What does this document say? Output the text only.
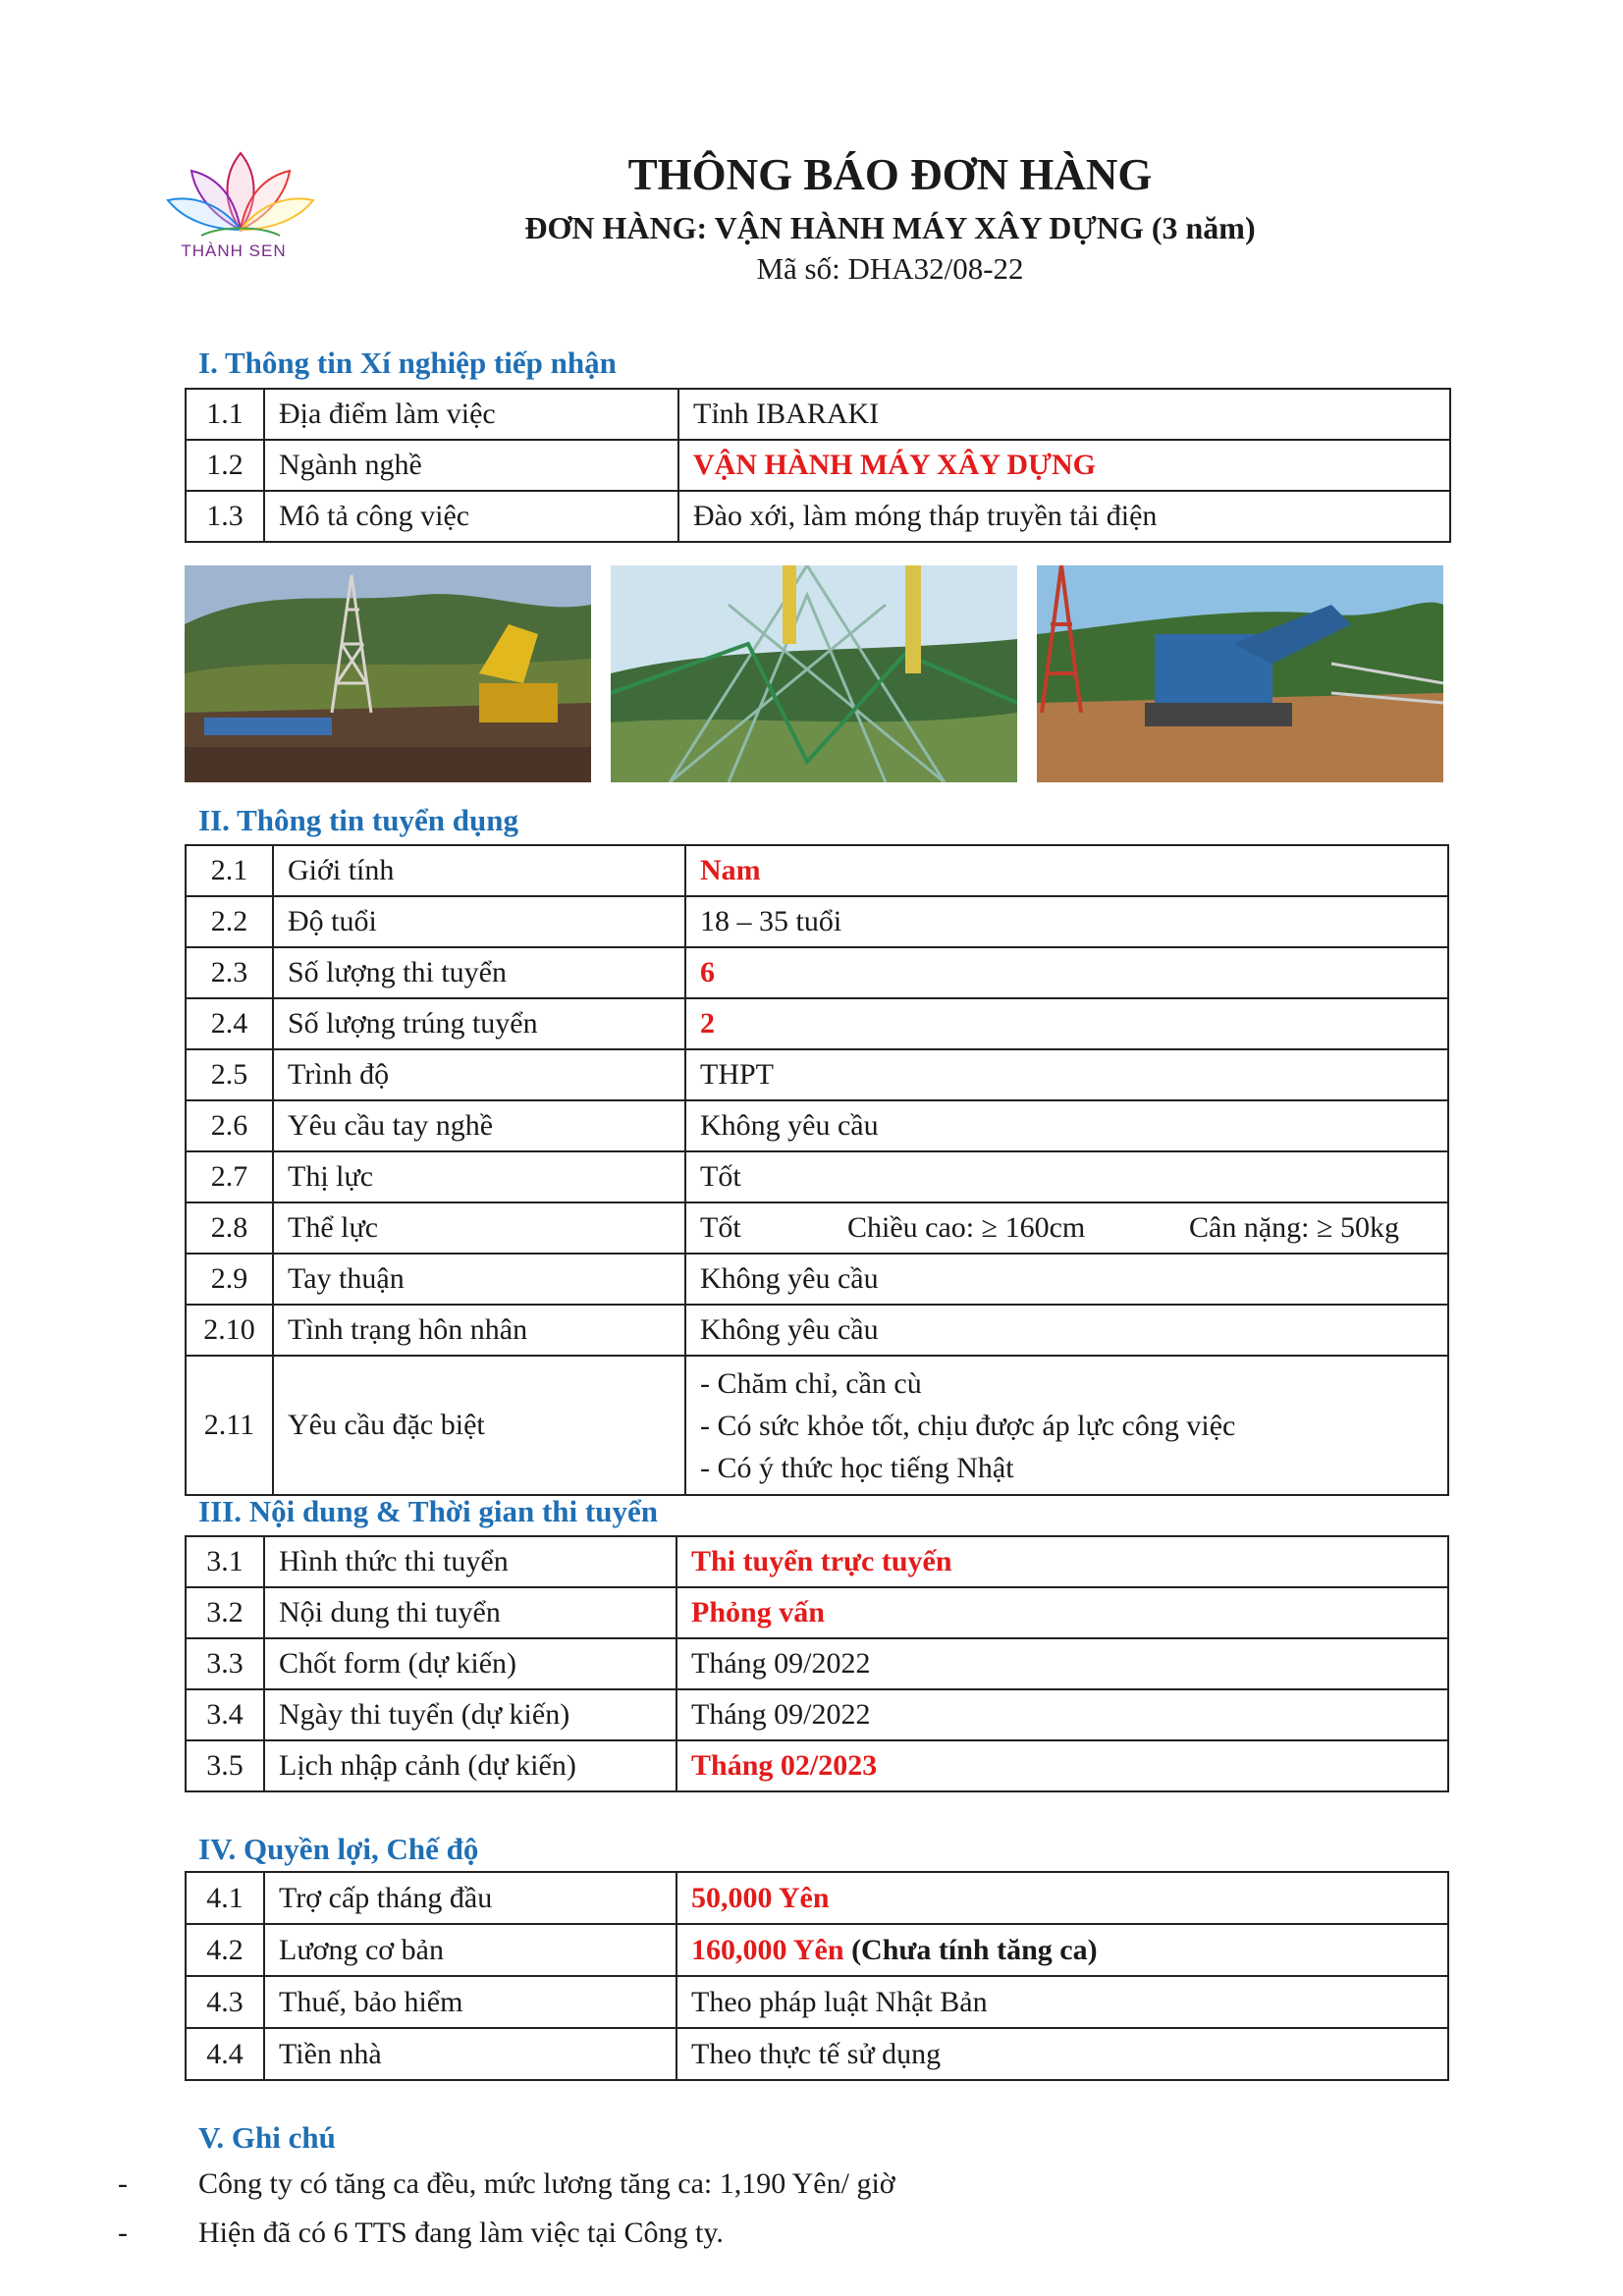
THÀNH SEN
THÔNG BÁO ĐƠN HÀNG
ĐƠN HÀNG: VẬN HÀNH MÁY XÂY DỰNG (3 năm)
Mã số: DHA32/08-22
I. Thông tin Xí nghiệp tiếp nhận
1.1	Địa điểm làm việc	Tỉnh IBARAKI
1.2	Ngành nghề	VẬN HÀNH MÁY XÂY DỰNG
1.3	Mô tả công việc	Đào xới, làm móng tháp truyền tải điện
II. Thông tin tuyển dụng
2.1	Giới tính	Nam
2.2	Độ tuổi	18 – 35 tuổi
2.3	Số lượng thi tuyển	6
2.4	Số lượng trúng tuyển	2
2.5	Trình độ	THPT
2.6	Yêu cầu tay nghề	Không yêu cầu
2.7	Thị lực	Tốt
2.8	Thể lực	Tốt Chiều cao: ≥ 160cm Cân nặng: ≥ 50kg
2.9	Tay thuận	Không yêu cầu
2.10	Tình trạng hôn nhân	Không yêu cầu
2.11	Yêu cầu đặc biệt	- Chăm chỉ, cần cù
- Có sức khỏe tốt, chịu được áp lực công việc
- Có ý thức học tiếng Nhật
III. Nội dung & Thời gian thi tuyển
3.1	Hình thức thi tuyển	Thi tuyển trực tuyến
3.2	Nội dung thi tuyển	Phỏng vấn
3.3	Chốt form (dự kiến)	Tháng 09/2022
3.4	Ngày thi tuyển (dự kiến)	Tháng 09/2022
3.5	Lịch nhập cảnh (dự kiến)	Tháng 02/2023
IV. Quyền lợi, Chế độ
4.1	Trợ cấp tháng đầu	50,000 Yên
4.2	Lương cơ bản	160,000 Yên (Chưa tính tăng ca)
4.3	Thuế, bảo hiểm	Theo pháp luật Nhật Bản
4.4	Tiền nhà	Theo thực tế sử dụng
V. Ghi chú
-	Công ty có tăng ca đều, mức lương tăng ca: 1,190 Yên/ giờ
-	Hiện đã có 6 TTS đang làm việc tại Công ty.
